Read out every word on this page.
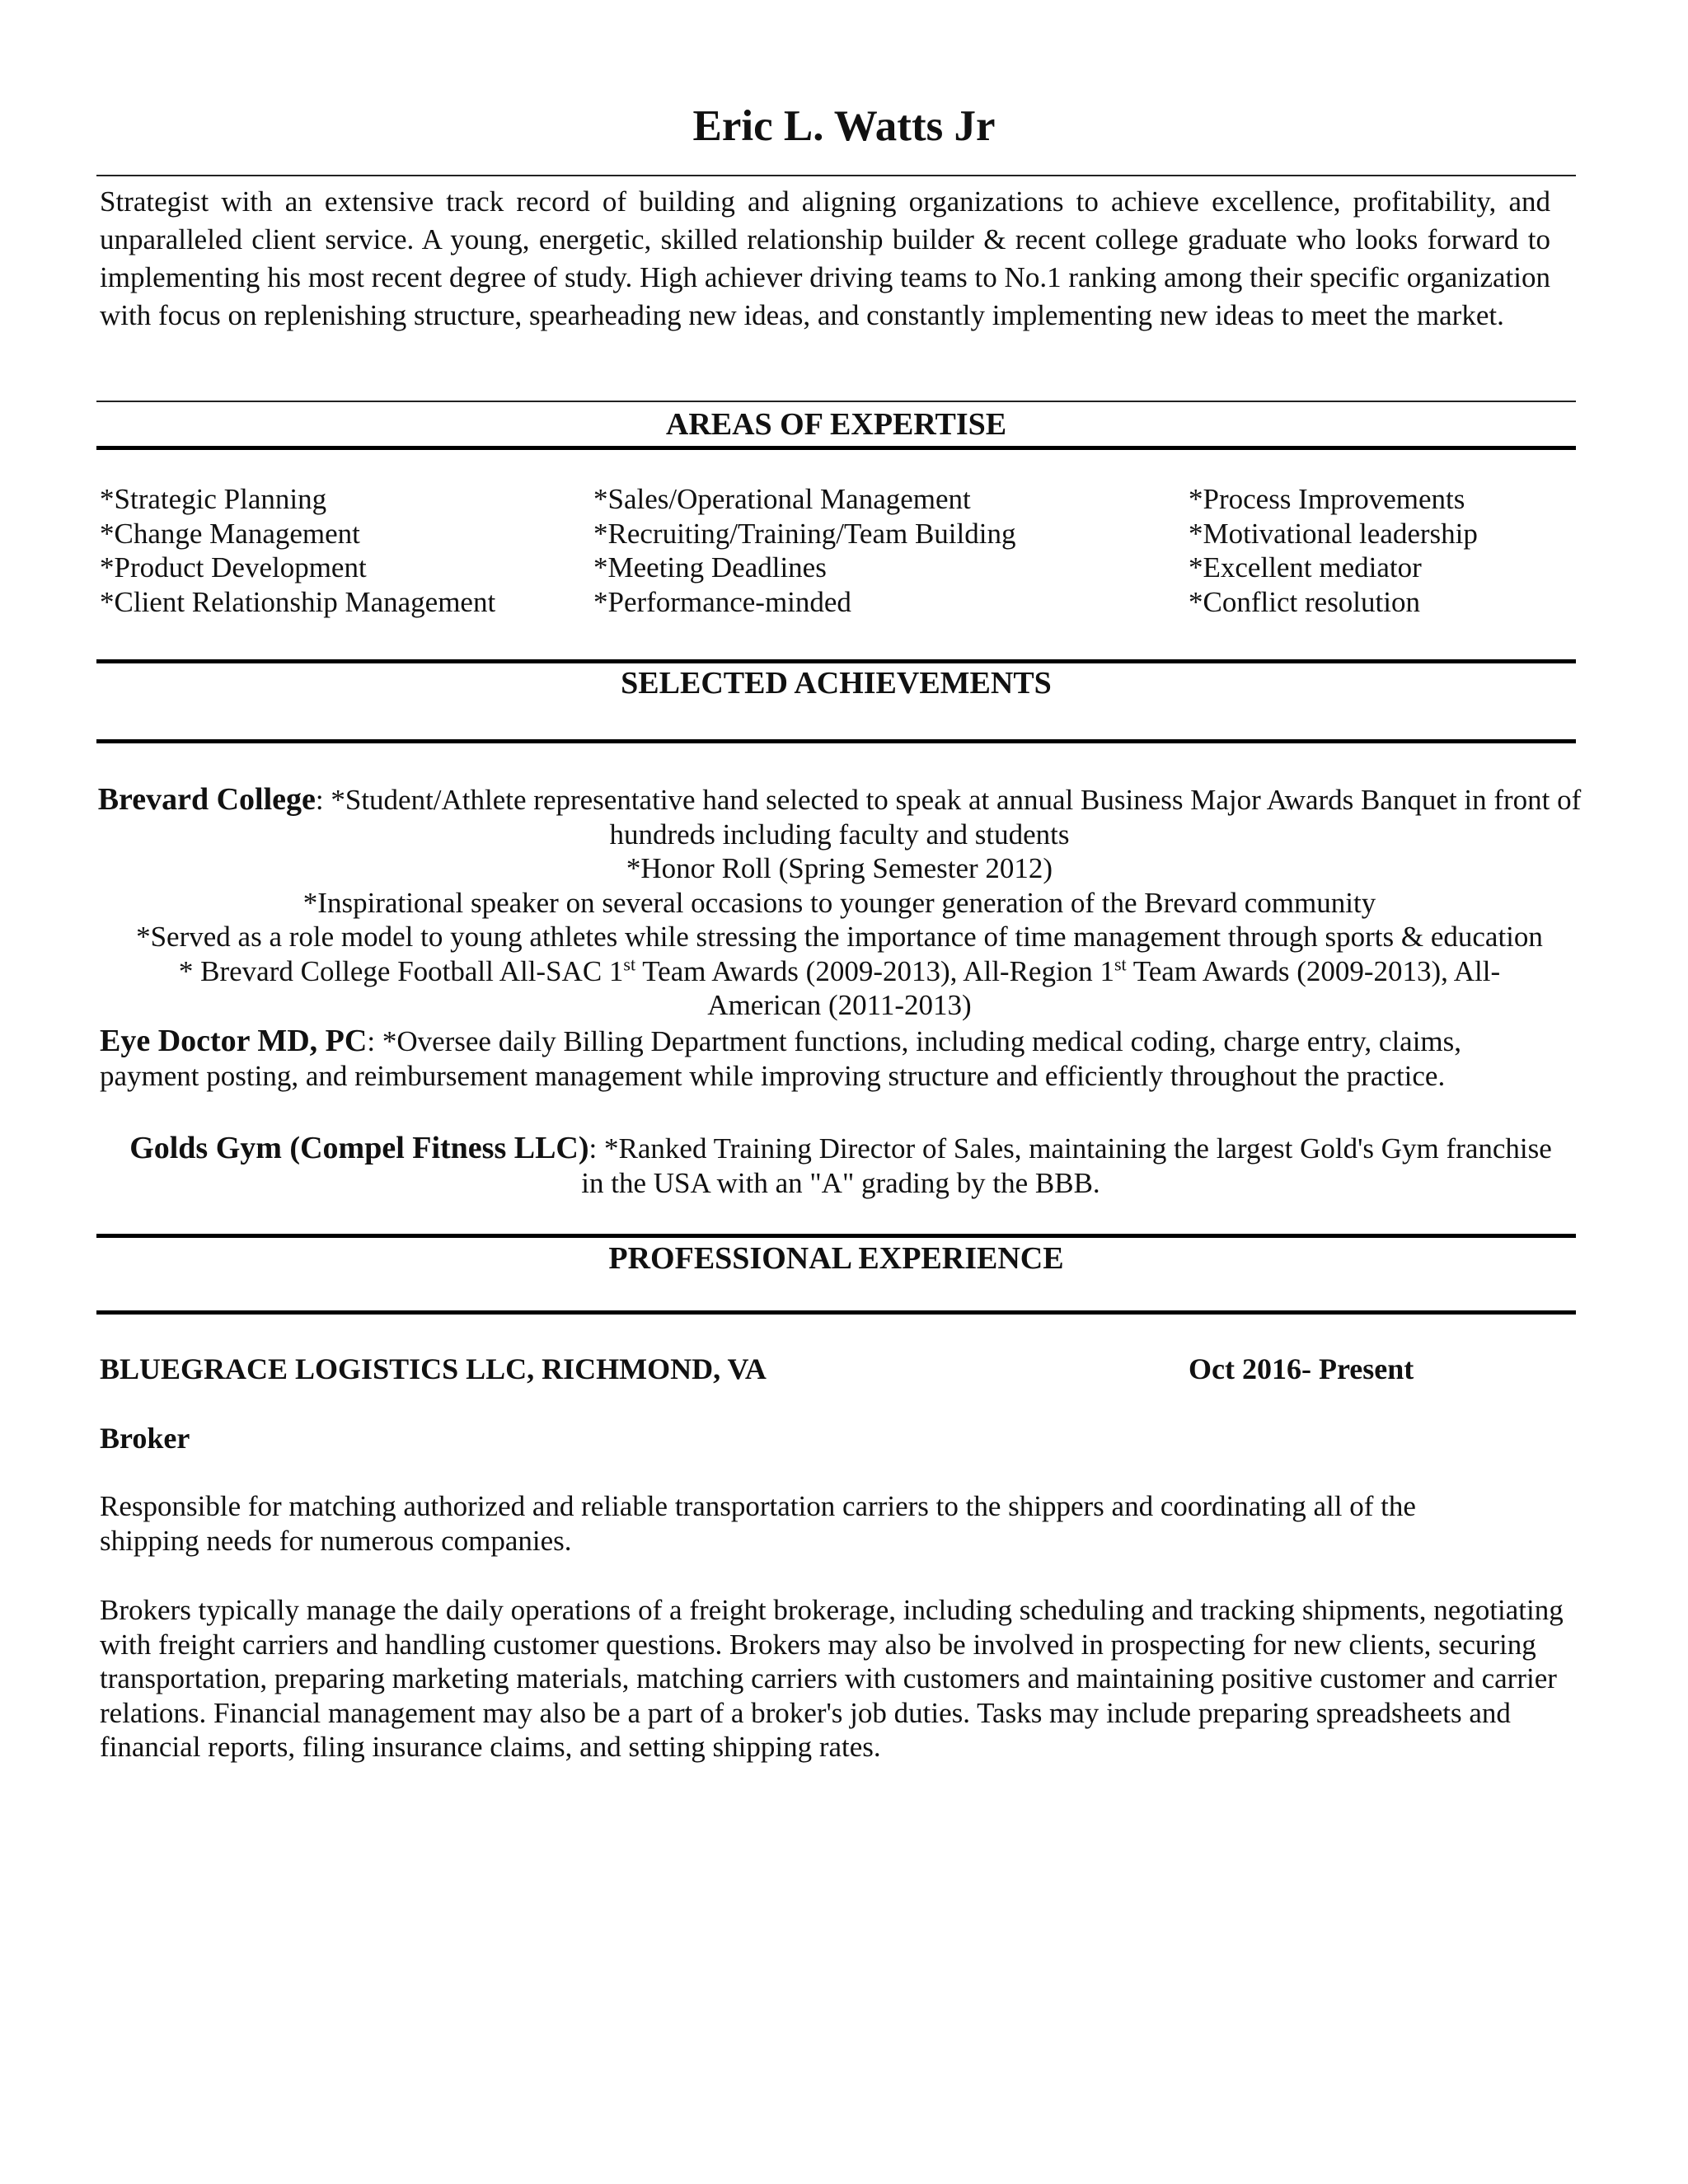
Eric L. Watts Jr

Strategist with an extensive track record of building and aligning organizations to achieve excellence, profitability, and unparalleled client service. A young, energetic, skilled relationship builder & recent college graduate who looks forward to implementing his most recent degree of study. High achiever driving teams to No.1 ranking among their specific organization with focus on replenishing structure, spearheading new ideas, and constantly implementing new ideas to meet the market.

AREAS OF EXPERTISE
*Strategic Planning
*Change Management
*Product Development
*Client Relationship Management
*Sales/Operational Management
*Recruiting/Training/Team Building
*Meeting Deadlines
*Performance-minded
*Process Improvements
*Motivational leadership
*Excellent mediator
*Conflict resolution
SELECTED ACHIEVEMENTS
Brevard College: *Student/Athlete representative hand selected to speak at annual Business Major Awards Banquet in front of hundreds including faculty and students
*Honor Roll (Spring Semester 2012)
*Inspirational speaker on several occasions to younger generation of the Brevard community
*Served as a role model to young athletes while stressing the importance of time management through sports & education
* Brevard College Football All-SAC 1st Team Awards (2009-2013), All-Region 1st Team Awards (2009-2013), All-American (2011-2013)

Eye Doctor MD, PC: *Oversee daily Billing Department functions, including medical coding, charge entry, claims, payment posting, and reimbursement management while improving structure and efficiently throughout the practice.

Golds Gym (Compel Fitness LLC): *Ranked Training Director of Sales, maintaining the largest Gold's Gym franchise in the USA with an "A" grading by the BBB.
PROFESSIONAL EXPERIENCE
BLUEGRACE LOGISTICS LLC, RICHMOND, VA	Oct 2016- Present
Broker

Responsible for matching authorized and reliable transportation carriers to the shippers and coordinating all of the shipping needs for numerous companies.

Brokers typically manage the daily operations of a freight brokerage, including scheduling and tracking shipments, negotiating with freight carriers and handling customer questions. Brokers may also be involved in prospecting for new clients, securing transportation, preparing marketing materials, matching carriers with customers and maintaining positive customer and carrier relations. Financial management may also be a part of a broker's job duties. Tasks may include preparing spreadsheets and financial reports, filing insurance claims, and setting shipping rates.
